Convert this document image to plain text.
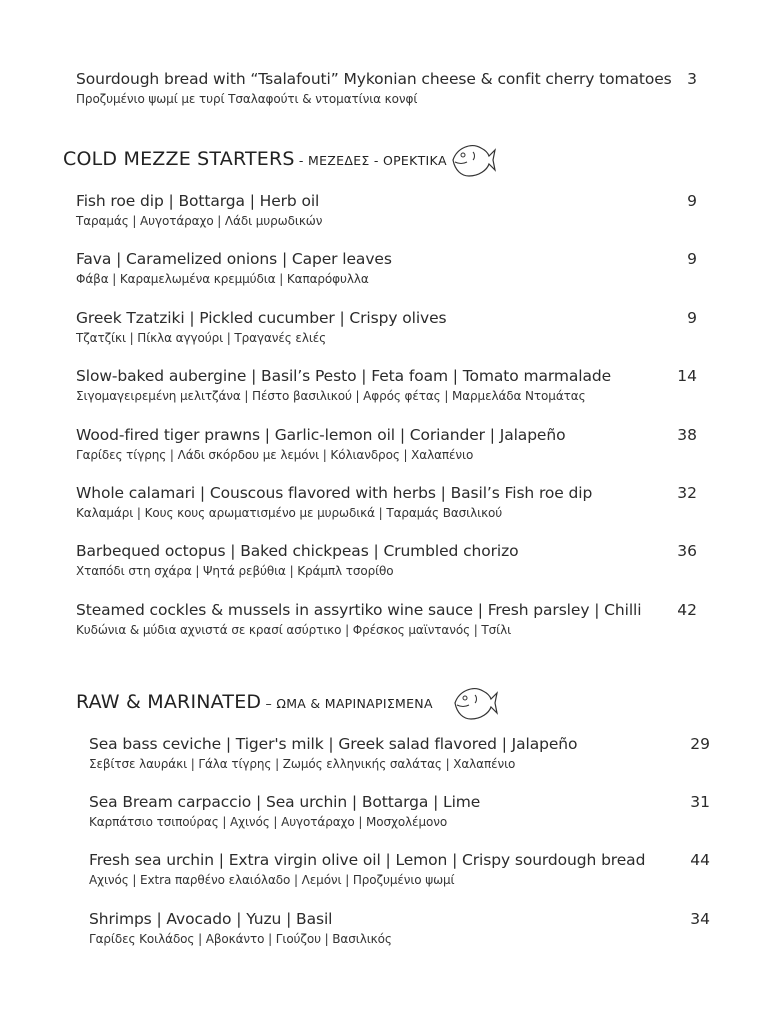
Sourdough bread with “Tsalafouti” Mykonian cheese & confit cherry tomatoes
Προζυμένιο ψωμί με τυρί Τσαλαφούτι & ντοματίνια κονφί
3
COLD MEZZE STARTERS - ΜΕΖΕΔΕΣ - ΟΡΕΚΤΙΚΑ
Fish roe dip | Bottarga | Herb oil
Ταραμάς | Αυγοτάραχο | Λάδι μυρωδικών
9
Fava | Caramelized onions | Caper leaves
Φάβα | Καραμελωμένα κρεμμύδια | Καπαρόφυλλα
9
Greek Tzatziki | Pickled cucumber | Crispy olives
Τζατζίκι | Πίκλα αγγούρι | Τραγανές ελιές
9
Slow-baked aubergine | Basil’s Pesto | Feta foam | Tomato marmalade
Σιγομαγειρεμένη μελιτζάνα | Πέστο βασιλικού | Αφρός φέτας | Μαρμελάδα Ντομάτας
14
Wood-fired tiger prawns | Garlic-lemon oil | Coriander | Jalapeño
Γαρίδες τίγρης | Λάδι σκόρδου με λεμόνι | Κόλιανδρος | Χαλαπένιο
38
Whole calamari | Couscous flavored with herbs | Basil’s Fish roe dip
Καλαμάρι | Κους κους αρωματισμένο με μυρωδικά | Ταραμάς Βασιλικού
32
Barbequed octopus | Baked chickpeas | Crumbled chorizo
Χταπόδι στη σχάρα | Ψητά ρεβύθια | Κράμπλ τσορίθο
36
Steamed cockles & mussels in assyrtiko wine sauce | Fresh parsley | Chilli
Κυδώνια & μύδια αχνιστά σε κρασί ασύρτικο | Φρέσκος μαϊντανός | Τσίλι
42
RAW & MARINATED – ΩΜΑ & ΜΑΡΙΝΑΡΙΣΜΕΝΑ
Sea bass ceviche | Tiger's milk | Greek salad flavored | Jalapeño
Σεβίτσε λαυράκι | Γάλα τίγρης | Ζωμός ελληνικής σαλάτας | Χαλαπένιο
29
Sea Bream carpaccio | Sea urchin | Bottarga | Lime
Καρπάτσιο τσιπούρας | Αχινός | Αυγοτάραχο | Μοσχολέμονο
31
Fresh sea urchin | Extra virgin olive oil | Lemon | Crispy sourdough bread
Αχινός | Extra παρθένο ελαιόλαδο | Λεμόνι | Προζυμένιο ψωμί
44
Shrimps | Avocado | Yuzu | Basil
Γαρίδες Κοιλάδος | Αβοκάντο | Γιούζου | Βασιλικός
34
